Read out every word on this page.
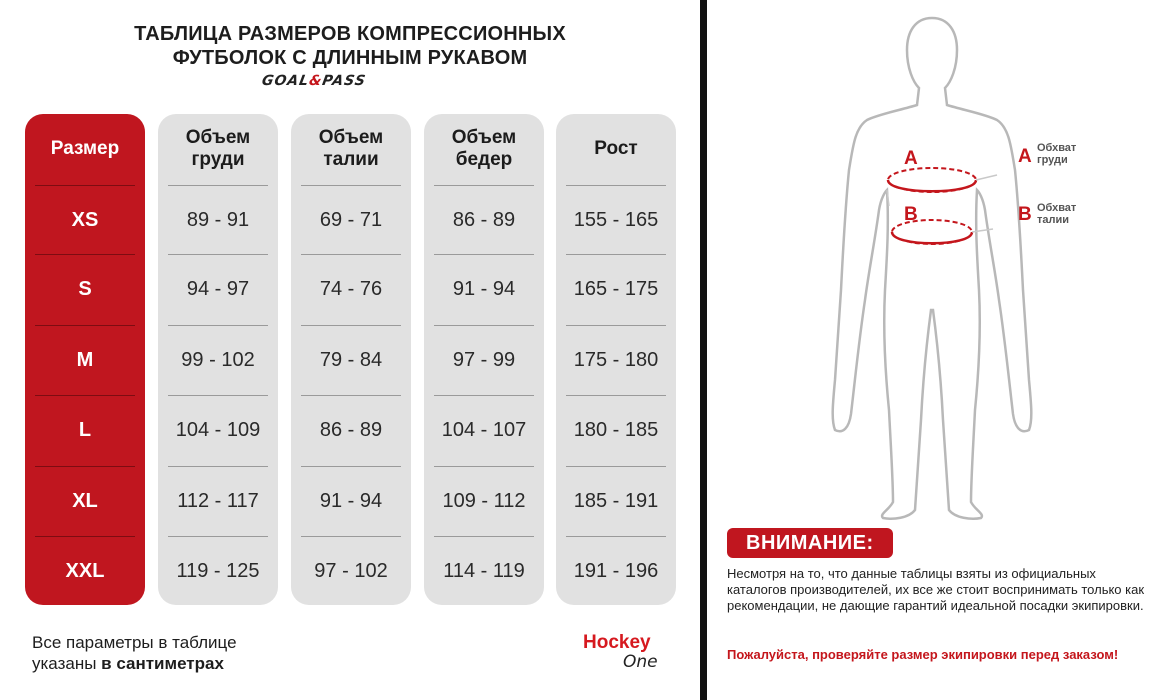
ТАБЛИЦА РАЗМЕРОВ КОМПРЕССИОННЫХ
ФУТБОЛОК С ДЛИННЫМ РУКАВОМ
GOAL&PASS
Размер
XS
S
M
L
XL
XXL
Объем
груди
89 - 91
94 - 97
99 - 102
104 - 109
112 - 117
119 - 125
Объем
талии
69 - 71
74 - 76
79 - 84
86 - 89
91 - 94
97 - 102
Объем
бедер
86 - 89
91 - 94
97 - 99
104 - 107
109 - 112
114 - 119
Рост
155 - 165
165 - 175
175 - 180
180 - 185
185 - 191
191 - 196
Все параметры в таблице
указаны в сантиметрах
Hockey
One
A
B
A Обхват
груди
B Обхват
талии
ВНИМАНИЕ:
Несмотря на то, что данные таблицы взяты из официальных каталогов производителей, их все же стоит воспринимать только как рекомендации, не дающие гарантий идеальной посадки экипировки.
Пожалуйста, проверяйте размер экипировки перед заказом!
